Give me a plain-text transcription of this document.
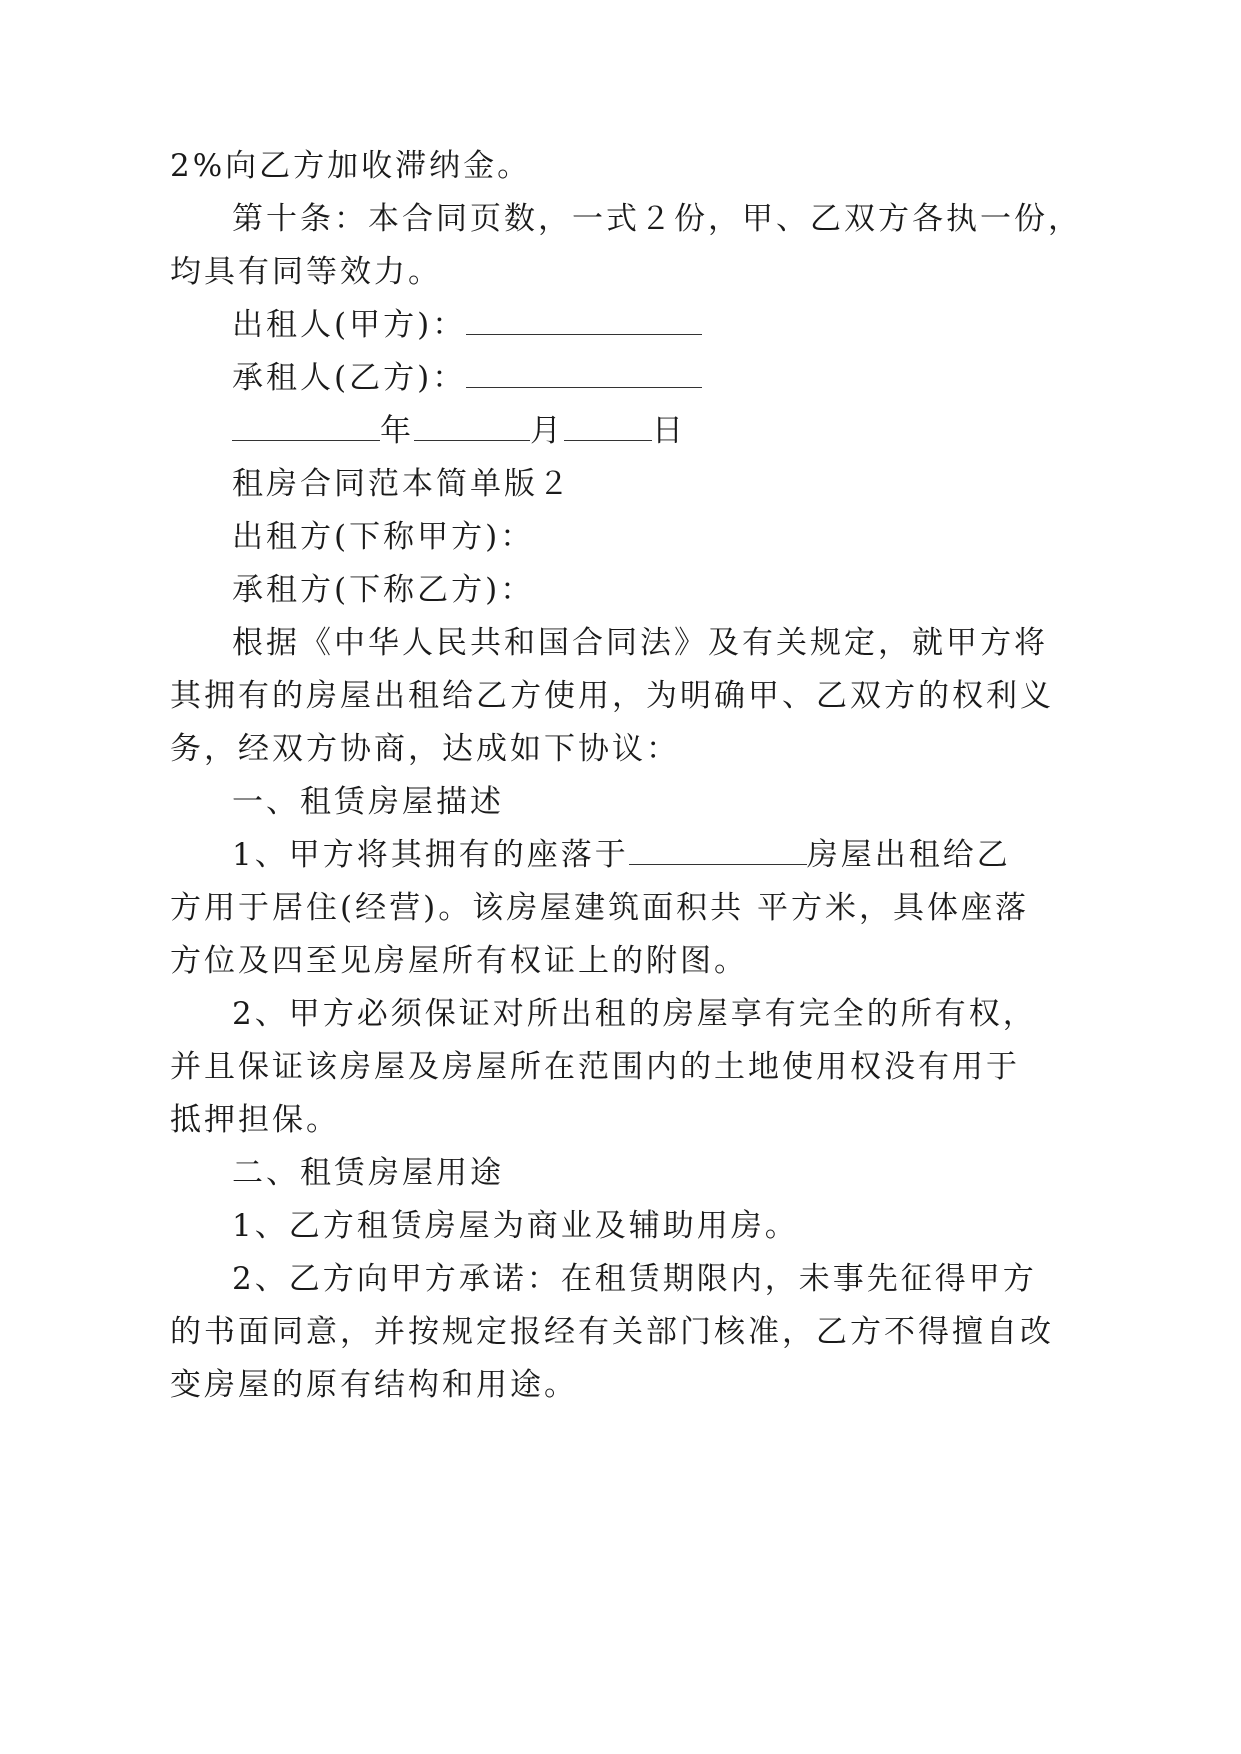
2%向乙方加收滞纳金。
第十条：本合同页数，一式２份，甲、乙双方各执一份，
均具有同等效力。
出租人(甲方)：
承租人(乙方)：
年	月	日
租房合同范本简单版２
出租方(下称甲方)：
承租方(下称乙方)：
根据《中华人民共和国合同法》及有关规定，就甲方将
其拥有的房屋出租给乙方使用，为明确甲、乙双方的权利义
务，经双方协商，达成如下协议：
一、租赁房屋描述
1、甲方将其拥有的座落于	房屋出租给乙
方用于居住(经营)。该房屋建筑面积共 平方米，具体座落
方位及四至见房屋所有权证上的附图。
2、甲方必须保证对所出租的房屋享有完全的所有权，
并且保证该房屋及房屋所在范围内的土地使用权没有用于
抵押担保。
二、租赁房屋用途
1、乙方租赁房屋为商业及辅助用房。
2、乙方向甲方承诺：在租赁期限内，未事先征得甲方
的书面同意，并按规定报经有关部门核准，乙方不得擅自改
变房屋的原有结构和用途。
